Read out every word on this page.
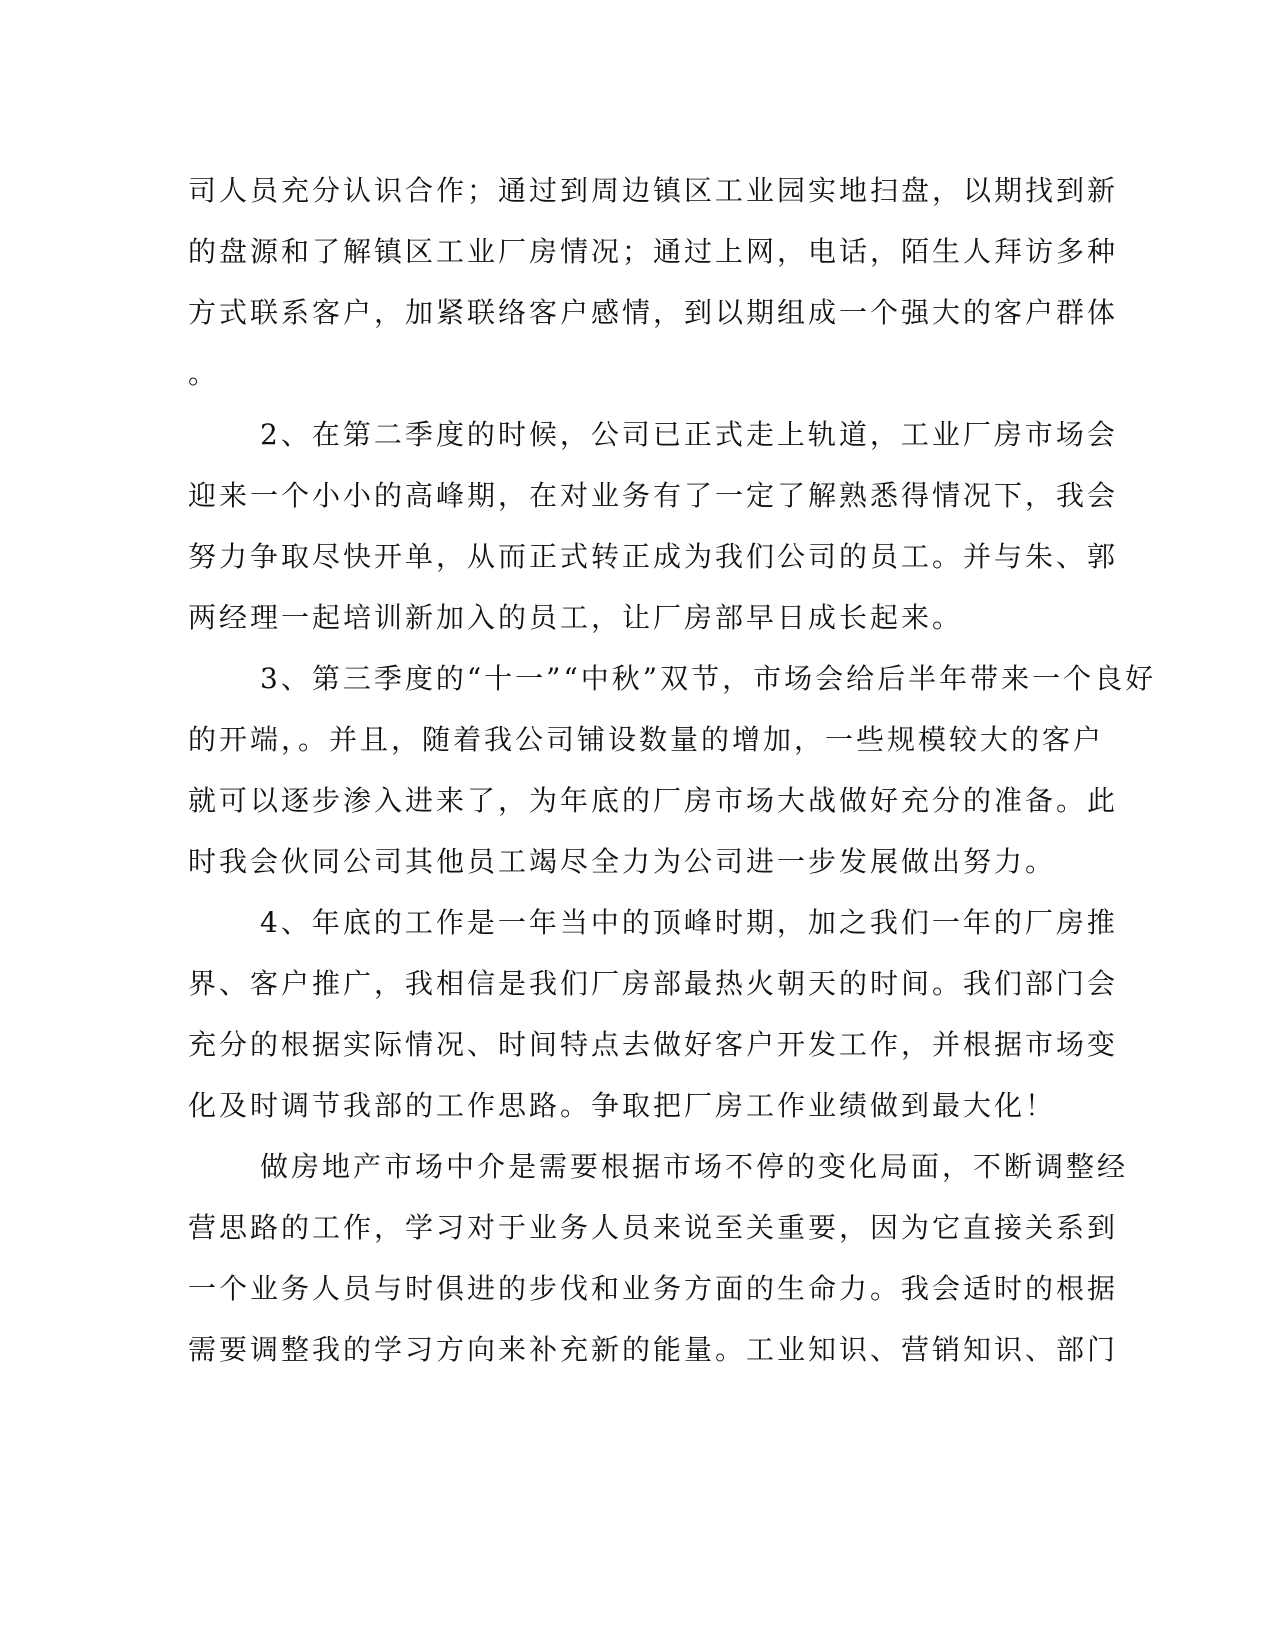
司人员充分认识合作；通过到周边镇区工业园实地扫盘，以期找到新
的盘源和了解镇区工业厂房情况；通过上网，电话，陌生人拜访多种
方式联系客户，加紧联络客户感情，到以期组成一个强大的客户群体
。
2、在第二季度的时候，公司已正式走上轨道，工业厂房市场会
迎来一个小小的高峰期，在对业务有了一定了解熟悉得情况下，我会
努力争取尽快开单，从而正式转正成为我们公司的员工。并与朱、郭
两经理一起培训新加入的员工，让厂房部早日成长起来。
3、第三季度的“十一”“中秋”双节，市场会给后半年带来一个良好
的开端，。并且，随着我公司铺设数量的增加，一些规模较大的客户
就可以逐步渗入进来了，为年底的厂房市场大战做好充分的准备。此
时我会伙同公司其他员工竭尽全力为公司进一步发展做出努力。
4、年底的工作是一年当中的顶峰时期，加之我们一年的厂房推
界、客户推广，我相信是我们厂房部最热火朝天的时间。我们部门会
充分的根据实际情况、时间特点去做好客户开发工作，并根据市场变
化及时调节我部的工作思路。争取把厂房工作业绩做到最大化！
做房地产市场中介是需要根据市场不停的变化局面，不断调整经
营思路的工作，学习对于业务人员来说至关重要，因为它直接关系到
一个业务人员与时俱进的步伐和业务方面的生命力。我会适时的根据
需要调整我的学习方向来补充新的能量。工业知识、营销知识、部门
